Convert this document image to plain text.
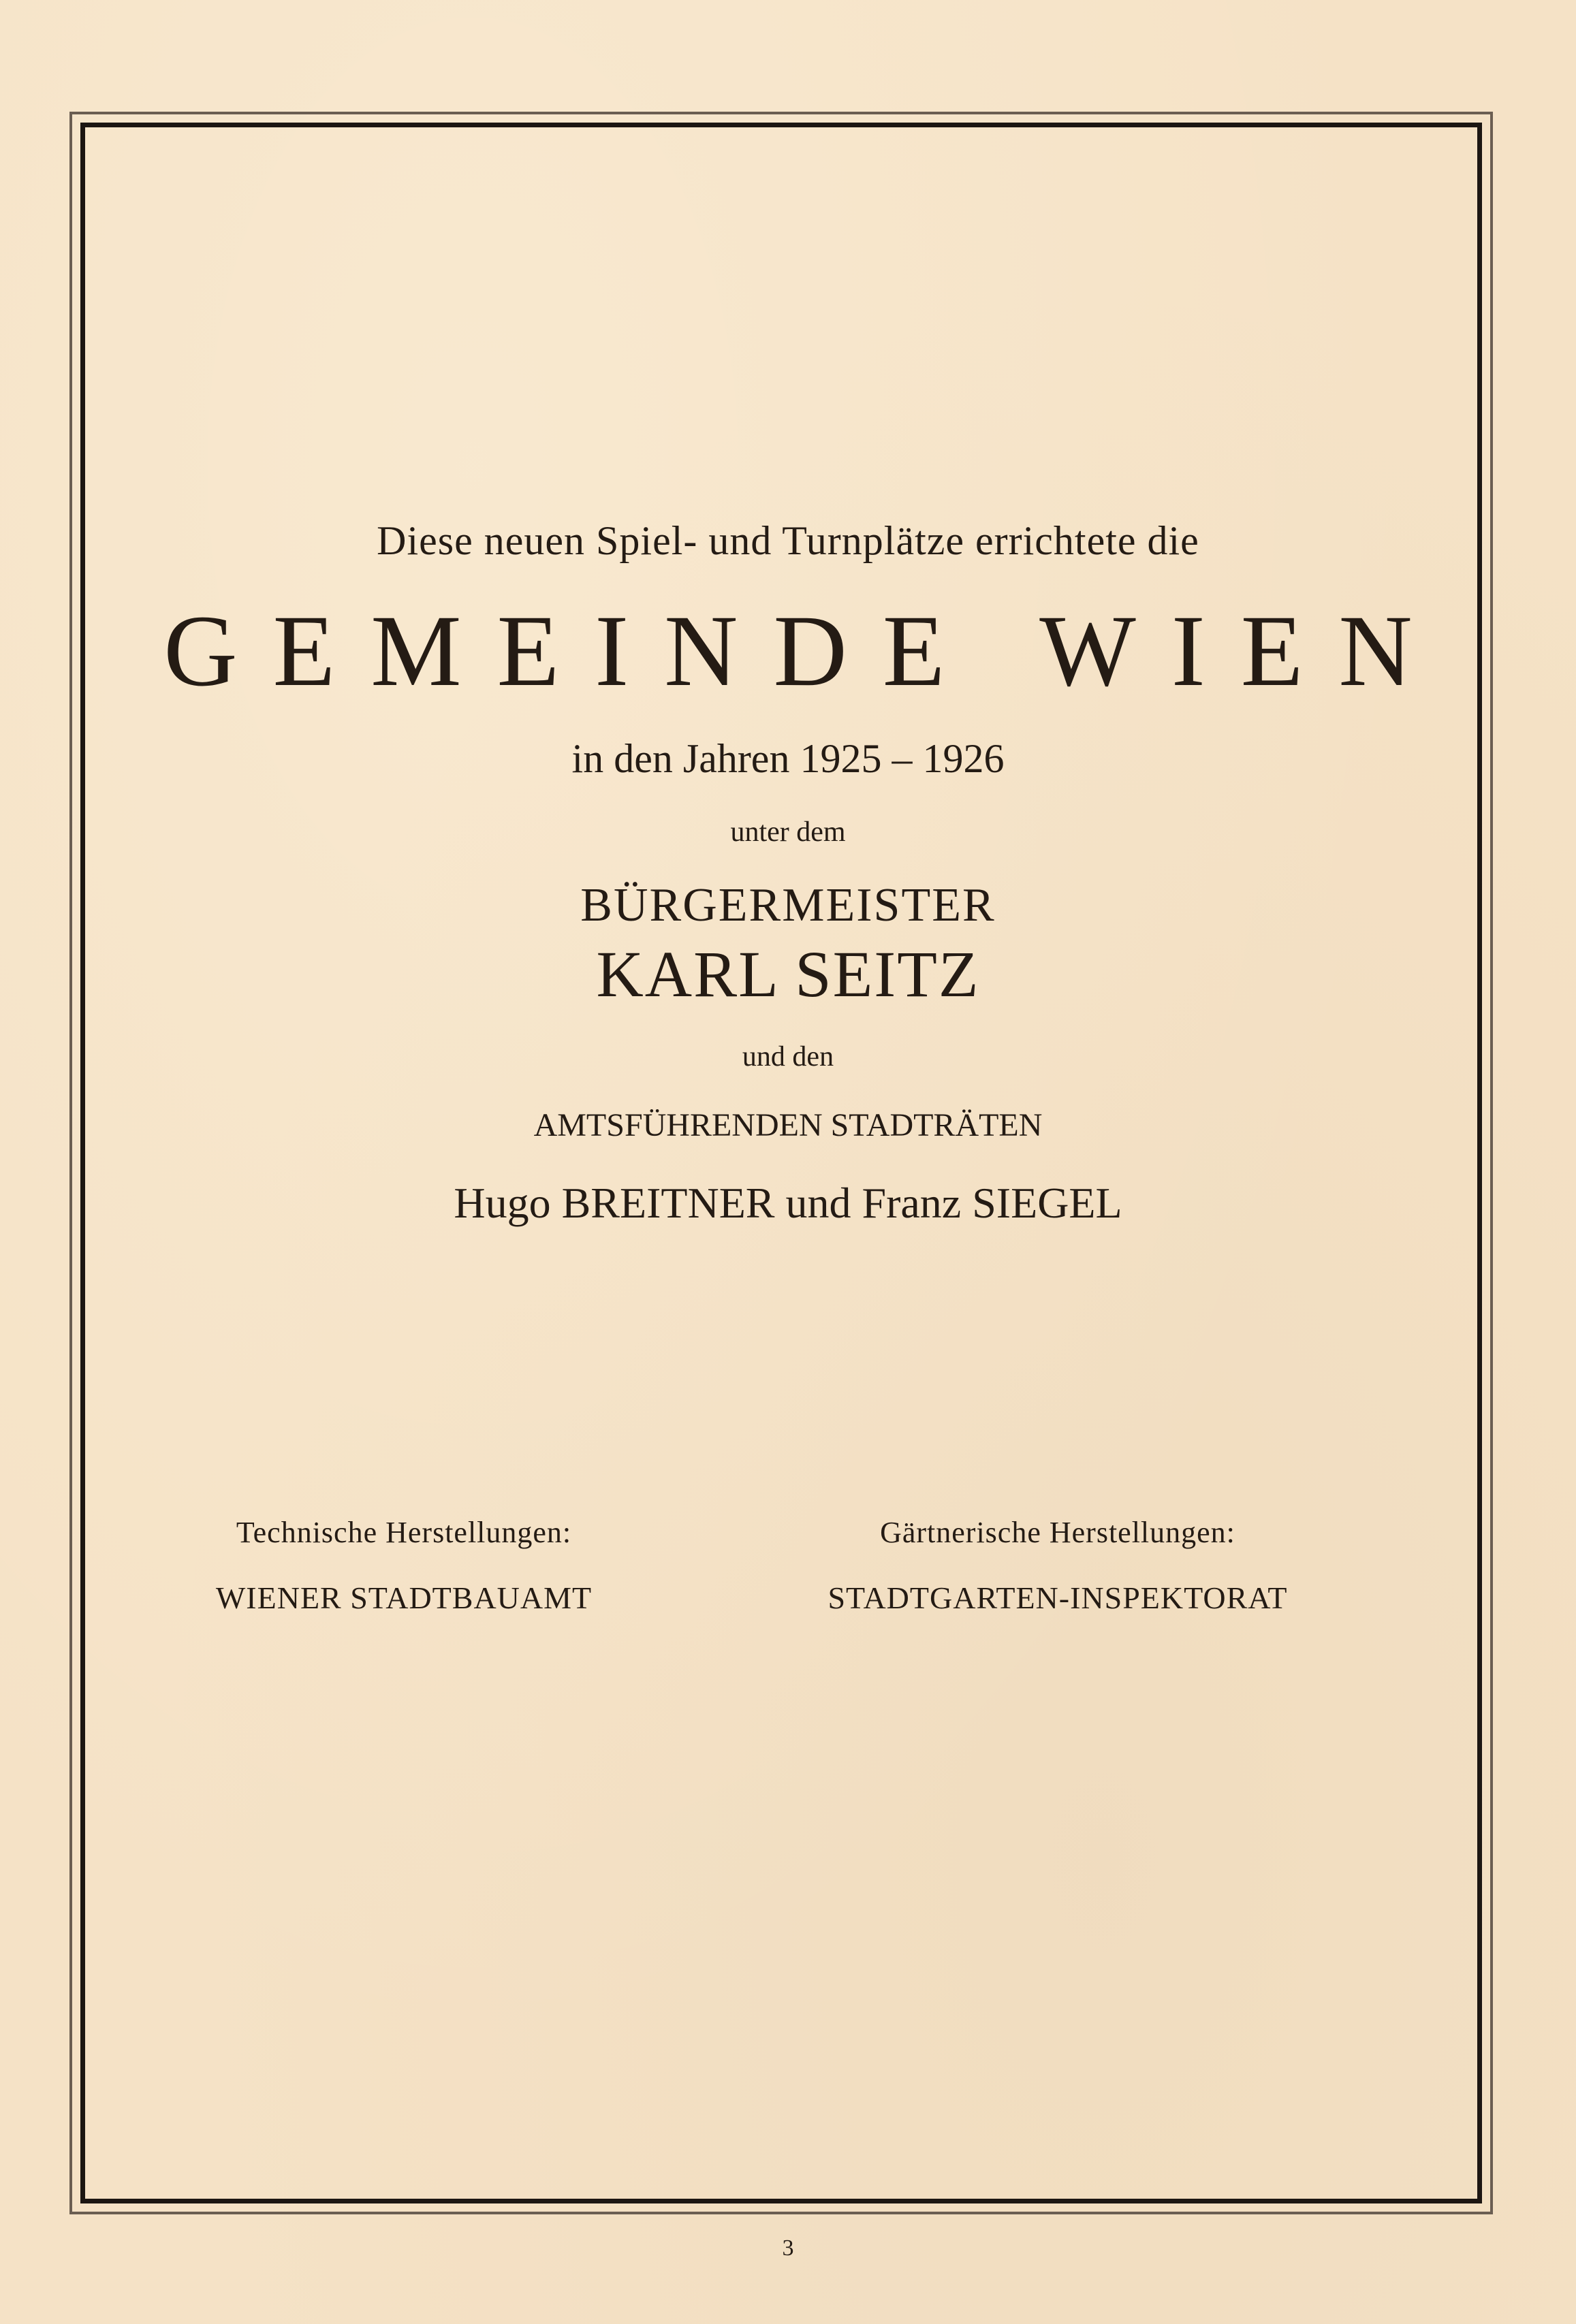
Diese neuen Spiel- und Turnplätze errichtete die
GEMEINDE WIEN
in den Jahren 1925 – 1926
unter dem
BÜRGERMEISTER
KARL SEITZ
und den
AMTSFÜHRENDEN STADTRÄTEN
Hugo BREITNER und Franz SIEGEL
Technische Herstellungen:
WIENER STADTBAUAMT
Gärtnerische Herstellungen:
STADTGARTEN-INSPEKTORAT
3
